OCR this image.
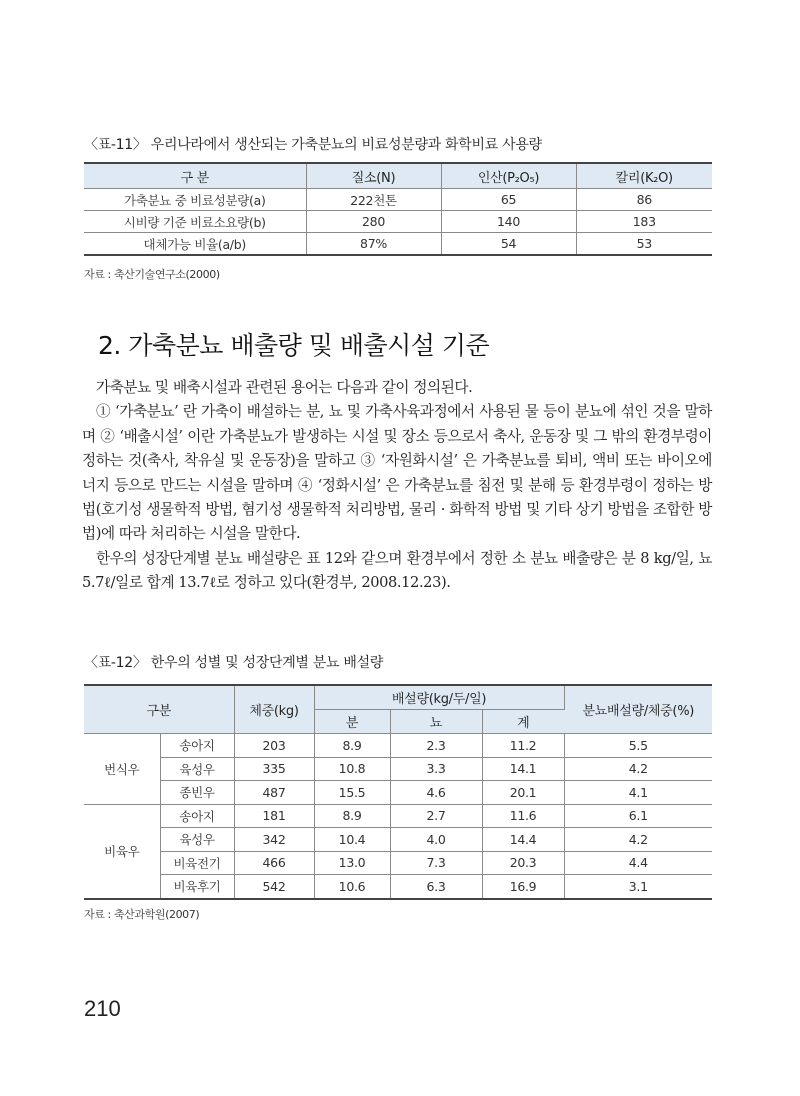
〈표-11〉 우리나라에서 생산되는 가축분뇨의 비료성분량과 화학비료 사용량
구 분	질소(N)	인산(P₂O₅)	칼리(K₂O)
가축분뇨 중 비료성분량(a)	222천톤	65	86
시비량 기준 비료소요량(b)	280	140	183
대체가능 비율(a/b)	87%	54	53
자료 : 축산기술연구소(2000)
2. 가축분뇨 배출량 및 배출시설 기준

가축분뇨 및 배축시설과 관련된 용어는 다음과 같이 정의된다.

① ‘가축분뇨’ 란 가축이 배설하는 분, 뇨 및 가축사육과정에서 사용된 물 등이 분뇨에 섞인 것을 말하며 ② ‘배출시설’ 이란 가축분뇨가 발생하는 시설 및 장소 등으로서 축사, 운동장 및 그 밖의 환경부령이 정하는 것(축사, 착유실 및 운동장)을 말하고 ③ ‘자원화시설’ 은 가축분뇨를 퇴비, 액비 또는 바이오에너지 등으로 만드는 시설을 말하며 ④ ‘정화시설’ 은 가축분뇨를 침전 및 분해 등 환경부령이 정하는 방법(호기성 생물학적 방법, 혐기성 생물학적 처리방법, 물리 · 화학적 방법 및 기타 상기 방법을 조합한 방법)에 따라 처리하는 시설을 말한다.

한우의 성장단계별 분뇨 배설량은 표 12와 같으며 환경부에서 정한 소 분뇨 배출량은 분 8 kg/일, 뇨 5.7ℓ/일로 합계 13.7ℓ로 정하고 있다(환경부, 2008.12.23).

〈표-12〉 한우의 성별 및 성장단계별 분뇨 배설량
구분		체중(kg)	배설량(kg/두/일)			분뇨배설량/체중(%)
			분	뇨	계	
번식우	송아지	203	8.9	2.3	11.2	5.5
	육성우	335	10.8	3.3	14.1	4.2
	종빈우	487	15.5	4.6	20.1	4.1
비육우	송아지	181	8.9	2.7	11.6	6.1
	육성우	342	10.4	4.0	14.4	4.2
	비육전기	466	13.0	7.3	20.3	4.4
	비육후기	542	10.6	6.3	16.9	3.1
자료 : 축산과학원(2007)
210
